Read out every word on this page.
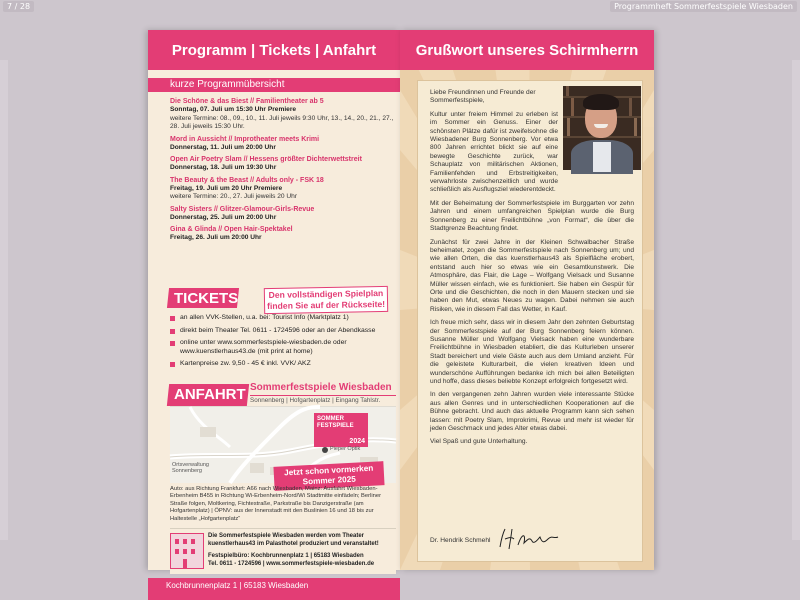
7 / 28	Programmheft Sommerfestspiele Wiesbaden
Programm | Tickets | Anfahrt
kurze Programmübersicht
Die Schöne & das Biest // Familientheater ab 5
Sonntag, 07. Juli um 15:30 Uhr Premiere
weitere Termine: 08., 09., 10., 11. Juli jeweils 9:30 Uhr, 13., 14., 20., 21., 27., 28. Juli jeweils 15:30 Uhr.
Mord in Aussicht // Improtheater meets Krimi
Donnerstag, 11. Juli um 20:00 Uhr
Open Air Poetry Slam // Hessens größter Dichterwettstreit
Donnerstag, 18. Juli um 19:30 Uhr
The Beauty & the Beast // Adults only - FSK 18
Freitag, 19. Juli um 20 Uhr Premiere
weitere Termine: 20., 27. Juli jeweils 20 Uhr
Salty Sisters // Glitzer-Glamour-Girls-Revue
Donnerstag, 25. Juli um 20:00 Uhr
Gina & Glinda // Open Hair-Spektakel
Freitag, 26. Juli um 20:00 Uhr
TICKETS	Den vollständigen Spielplan finden Sie auf der Rückseite!
an allen VVK-Stellen, u.a. bei: Tourist Info (Marktplatz 1)
direkt beim Theater Tel. 0611 - 1724596 oder an der Abendkasse
online unter www.sommerfestspiele-wiesbaden.de oder www.kuenstlerhaus43.de (mit print at home)
Kartenpreise zw. 9,50 - 45 € inkl. VVK/ AKZ
ANFAHRT Sommerfestspiele Wiesbaden
Sonnenberg | Hofgartenplatz | Eingang Tahlstr.
SOMMER
FESTSPIELE
2024
Pieper Optik
Ortsverwaltung Sonnenberg	Jetzt schon vormerken Sommer 2025
Auto: aus Richtung Frankfurt: A66 nach Wiesbaden, Mainz: Ausfahrt Wiesbaden-Erbenheim B455 in Richtung Wi-Erbenheim-Nord/Wi Stadtmitte einfädeln; Berliner Straße folgen, Moltkering, Fichtestraße, Parkstraße bis Danzigerstraße (am Hofgartenplatz) | ÖPNV: aus der Innenstadt mit den Buslinien 16 und 18 bis zur Haltestelle „Hofgartenplatz“
Die Sommerfestspiele Wiesbaden werden vom Theater kuenstlerhaus43 im Palasthotel produziert und veranstaltet!
Festspielbüro: Kochbrunnenplatz 1 | 65183 Wiesbaden
Tel. 0611 - 1724596 | www.sommerfestspiele-wiesbaden.de
Kochbrunnenplatz 1 | 65183 Wiesbaden
Grußwort unseres Schirmherrn
Liebe Freundinnen und Freunde der Sommerfestspiele,
Kultur unter freiem Himmel zu erleben ist im Sommer ein Genuss. Einer der schönsten Plätze dafür ist zweifelsohne die Wiesbadener Burg Sonnenberg. Vor etwa 800 Jahren errichtet blickt sie auf eine bewegte Geschichte zurück, war Schauplatz von militärischen Aktionen, Familienfehden und Erbstreitigkeiten, verwahrloste zwischenzeitlich und wurde schließlich als Ausflugsziel wiederentdeckt.
Mit der Beheimatung der Sommerfestspiele im Burggarten vor zehn Jahren und einem umfangreichen Spielplan wurde die Burg Sonnenberg zu einer Freilichtbühne „von Format“, die über die Stadtgrenze Beachtung findet.
Zunächst für zwei Jahre in der Kleinen Schwalbacher Straße beheimatet, zogen die Sommerfestspiele nach Sonnenberg um; und wie allen Orten, die das kuenstlerhaus43 als Spielfläche erobert, entstand auch hier so etwas wie ein Gesamtkunstwerk. Die Atmosphäre, das Flair, die Lage – Wolfgang Vielsack und Susanne Müller wissen einfach, wie es funktioniert. Sie haben ein Gespür für Orte und die Geschichten, die noch in den Mauern stecken und sie haben den Mut, etwas Neues zu wagen. Dabei nehmen sie auch Risiken, wie in diesem Fall das Wetter, in Kauf.
Ich freue mich sehr, dass wir in diesem Jahr den zehnten Geburtstag der Sommerfestspiele auf der Burg Sonnenberg feiern können. Susanne Müller und Wolfgang Vielsack haben eine wunderbare Freilichtbühne in Wiesbaden etabliert, die das Kulturleben unserer Stadt bereichert und viele Gäste auch aus dem Umland anzieht. Für die geleistete Kulturarbeit, die vielen kreativen Ideen und wunderschöne Aufführungen bedanke ich mich bei allen Beteiligten und hoffe, dass dieses beliebte Konzept erfolgreich fortgesetzt wird.
In den vergangenen zehn Jahren wurden viele interessante Stücke aus allen Genres und in unterschiedlichen Kooperationen auf die Bühne gebracht. Und auch das aktuelle Programm kann sich sehen lassen: mit Poetry Slam, Improkrimi, Revue und mehr ist wieder für jeden Geschmack und jedes Alter etwas dabei.
Viel Spaß und gute Unterhaltung.
Dr. Hendrik Schmehl
